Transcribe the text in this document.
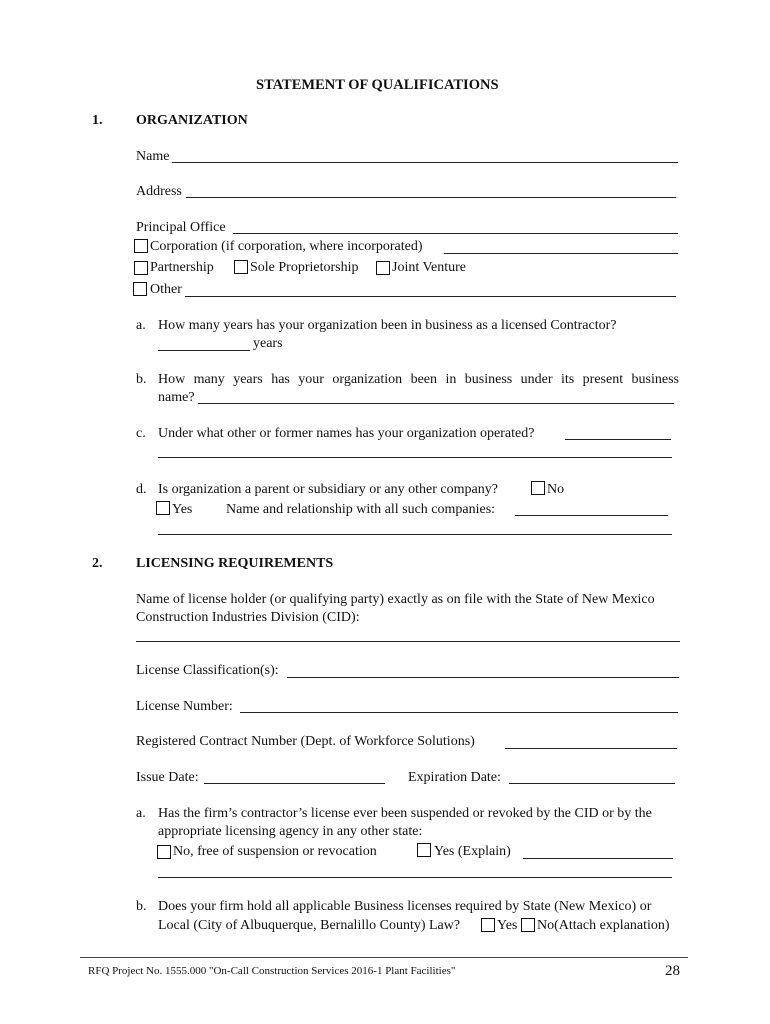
STATEMENT OF QUALIFICATIONS
1. ORGANIZATION
Name
Address
Principal Office
Corporation (if corporation, where incorporated)
Partnership	Sole Proprietorship Joint Venture
Other
a. How many years has your organization been in business as a licensed Contractor?
years
b. How many years has your organization been in business under its present business
name?
c. Under what other or former names has your organization operated?
d. Is organization a parent or subsidiary or any other company?	No
Yes Name and relationship with all such companies:
2. LICENSING REQUIREMENTS
Name of license holder (or qualifying party) exactly as on file with the State of New Mexico
Construction Industries Division (CID):
License Classification(s):
License Number:
Registered Contract Number (Dept. of Workforce Solutions)
Issue Date:	Expiration Date:
a. Has the firm’s contractor’s license ever been suspended or revoked by the CID or by the
appropriate licensing agency in any other state:
No, free of suspension or revocation	Yes (Explain)
b. Does your firm hold all applicable Business licenses required by State (New Mexico) or
Local (City of Albuquerque, Bernalillo County) Law?	Yes No(Attach explanation)
RFQ Project No. 1555.000 "On-Call Construction Services 2016-1 Plant Facilities"	28
